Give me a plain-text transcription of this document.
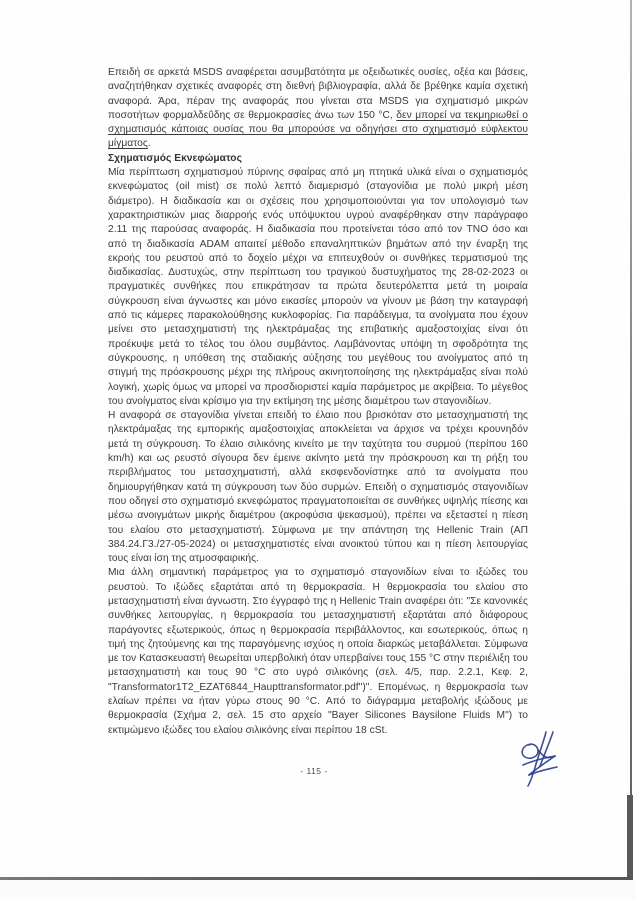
Επειδή σε αρκετά MSDS αναφέρεται ασυμβατότητα με οξειδωτικές ουσίες, οξέα και βάσεις, αναζητήθηκαν σχετικές αναφορές στη διεθνή βιβλιογραφία, αλλά δε βρέθηκε καμία σχετική αναφορά. Άρα, πέραν της αναφοράς που γίνεται στα MSDS για σχηματισμό μικρών ποσοτήτων φορμαλδεΰδης σε θερμοκρασίες άνω των 150 °C, δεν μπορεί να τεκμηριωθεί ο σχηματισμός κάποιας ουσίας που θα μπορούσε να οδηγήσει στο σχηματισμό εύφλεκτου μίγματος.

Σχηματισμός Εκνεφώματος

Μία περίπτωση σχηματισμού πύρινης σφαίρας από μη πτητικά υλικά είναι ο σχηματισμός εκνεφώματος (oil mist) σε πολύ λεπτό διαμερισμό (σταγονίδια με πολύ μικρή μέση διάμετρο). Η διαδικασία και οι σχέσεις που χρησιμοποιούνται για τον υπολογισμό των χαρακτηριστικών μιας διαρροής ενός υπόψυκτου υγρού αναφέρθηκαν στην παράγραφο 2.11 της παρούσας αναφοράς. Η διαδικασία που προτείνεται τόσο από τον TNO όσο και από τη διαδικασία ADAM απαιτεί μέθοδο επαναληπτικών βημάτων από την έναρξη της εκροής του ρευστού από το δοχείο μέχρι να επιτευχθούν οι συνθήκες τερματισμού της διαδικασίας. Δυστυχώς, στην περίπτωση του τραγικού δυστυχήματος της 28-02-2023 οι πραγματικές συνθήκες που επικράτησαν τα πρώτα δευτερόλεπτα μετά τη μοιραία σύγκρουση είναι άγνωστες και μόνο εικασίες μπορούν να γίνουν με βάση την καταγραφή από τις κάμερες παρακολούθησης κυκλοφορίας. Για παράδειγμα, τα ανοίγματα που έχουν μείνει στο μετασχηματιστή της ηλεκτράμαξας της επιβατικής αμαξοστοιχίας είναι ότι προέκυψε μετά το τέλος του όλου συμβάντος. Λαμβάνοντας υπόψη τη σφοδρότητα της σύγκρουσης, η υπόθεση της σταδιακής αύξησης του μεγέθους του ανοίγματος από τη στιγμή της πρόσκρουσης μέχρι της πλήρους ακινητοποίησης της ηλεκτράμαξας είναι πολύ λογική, χωρίς όμως να μπορεί να προσδιοριστεί καμία παράμετρος με ακρίβεια. Το μέγεθος του ανοίγματος είναι κρίσιμο για την εκτίμηση της μέσης διαμέτρου των σταγονιδίων.

Η αναφορά σε σταγονίδια γίνεται επειδή το έλαιο που βρισκόταν στο μετασχηματιστή της ηλεκτράμαξας της εμπορικής αμαξοστοιχίας αποκλείεται να άρχισε να τρέχει κρουνηδόν μετά τη σύγκρουση. Το έλαιο σιλικόνης κινείτο με την ταχύτητα του συρμού (περίπου 160 km/h) και ως ρευστό σίγουρα δεν έμεινε ακίνητο μετά την πρόσκρουση και τη ρήξη του περιβλήματος του μετασχηματιστή, αλλά εκσφενδονίστηκε από τα ανοίγματα που δημιουργήθηκαν κατά τη σύγκρουση των δύο συρμών. Επειδή ο σχηματισμός σταγονιδίων που οδηγεί στο σχηματισμό εκνεφώματος πραγματοποιείται σε συνθήκες υψηλής πίεσης και μέσω ανοιγμάτων μικρής διαμέτρου (ακροφύσια ψεκασμού), πρέπει να εξεταστεί η πίεση του ελαίου στο μετασχηματιστή. Σύμφωνα με την απάντηση της Hellenic Train (ΑΠ 384.24.Γ3./27-05-2024) οι μετασχηματιστές είναι ανοικτού τύπου και η πίεση λειτουργίας τους είναι ίση της ατμοσφαιρικής.

Μια άλλη σημαντική παράμετρος για το σχηματισμό σταγονιδίων είναι το ιξώδες του ρευστού. Το ιξώδες εξαρτάται από τη θερμοκρασία. Η θερμοκρασία του ελαίου στο μετασχηματιστή είναι άγνωστη. Στο έγγραφό της η Hellenic Train αναφέρει ότι: "Σε κανονικές συνθήκες λειτουργίας, η θερμοκρασία του μετασχηματιστή εξαρτάται από διάφορους παράγοντες εξωτερικούς, όπως η θερμοκρασία περιβάλλοντος, και εσωτερικούς, όπως η τιμή της ζητούμενης και της παραγόμενης ισχύος η οποία διαρκώς μεταβάλλεται. Σύμφωνα με τον Κατασκευαστή θεωρείται υπερβολική όταν υπερβαίνει τους 155 °C στην περιέλιξη του μετασχηματιστή και τους 90 °C στο υγρό σιλικόνης (σελ. 4/5, παρ. 2.2.1, Κεφ. 2, "Transformator1T2_EZAT6844_Haupttransformator.pdf")". Επομένως, η θερμοκρασία των ελαίων πρέπει να ήταν γύρω στους 90 °C. Από το διάγραμμα μεταβολής ιξώδους με θερμοκρασία (Σχήμα 2, σελ. 15 στο αρχείο "Bayer Silicones Baysilone Fluids M") το εκτιμώμενο ιξώδες του ελαίου σιλικόνης είναι περίπου 18 cSt.

- 115 -
